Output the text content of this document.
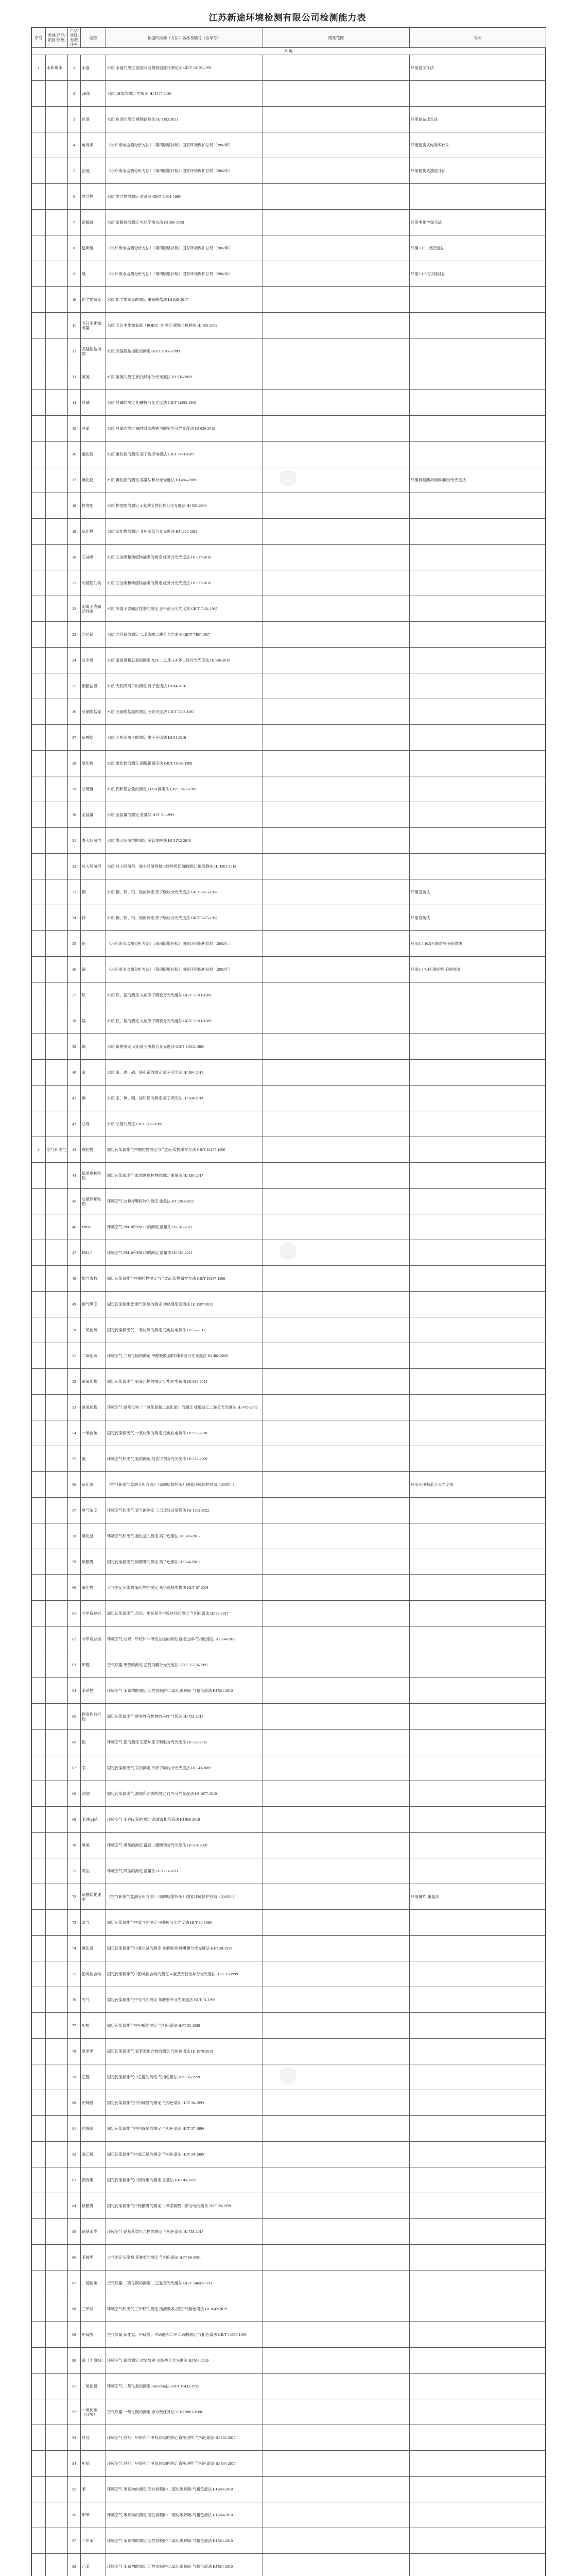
江苏新途环境检测有限公司检测能力表
●
●
●
序号	类别(产品/项目/参数)	产品/项目/参数 序号	名称	依据的标准（方法）名称及编号（含年号）	限制范围	说明
环境						
1	水和废水	1	水温	水质 水温的测定 温度计或颠倒温度计测定法 GB/T 13195-1991		只用温度计法
		2	pH值	水质 pH值的测定 电极法 HJ 1147-2020		
		3	色度	水质 色度的测定 稀释倍数法 HJ 1182-2021		只用铂钴比色法
		4	电导率	《水和废水监测分析方法》（第四版增补版）国家环境保护总局（2002年）		只用便携式电导率仪法
		5	浊度	《水和废水监测分析方法》（第四版增补版）国家环境保护总局（2002年）		只用便携式浊度计法
		6	悬浮物	水质 悬浮物的测定 重量法 GB/T 11901-1989		
		7	溶解氧	水质 溶解氧的测定 电化学探头法 HJ 506-2009		只用电化学探头法
		8	透明度	《水和废水监测分析方法》（第四版增补版）国家环境保护总局（2002年）		只用3.1.5.1塞氏盘法
		9	臭	《水和废水监测分析方法》（第四版增补版）国家环境保护总局（2002年）		只用3.1.3文字描述法
		10	化学需氧量	水质 化学需氧量的测定 重铬酸盐法 HJ 828-2017		
		11	五日生化需氧量	水质 五日生化需氧量（BOD5）的测定 稀释与接种法 HJ 505-2009		
		12	高锰酸盐指数	水质 高锰酸盐指数的测定 GB/T 11892-1989		
		13	氨氮	水质 氨氮的测定 纳氏试剂分光光度法 HJ 535-2009		
		14	总磷	水质 总磷的测定 钼酸铵分光光度法 GB/T 11893-1989		
		15	总氮	水质 总氮的测定 碱性过硫酸钾消解紫外分光光度法 HJ 636-2012		
		16	氟化物	水质 氟化物的测定 离子选择电极法 GB/T 7484-1987		
		17	氰化物	水质 氰化物的测定 容量法和分光光度法 HJ 484-2009		只用异烟酸-吡唑啉酮分光光度法
		18	挥发酚	水质 挥发酚的测定 4-氨基安替比林分光光度法 HJ 503-2009		
		19	硫化物	水质 硫化物的测定 亚甲基蓝分光光度法 HJ 1226-2021		
		20	石油类	水质 石油类和动植物油类的测定 红外分光光度法 HJ 637-2018		
		21	动植物油类	水质 石油类和动植物油类的测定 红外分光光度法 HJ 637-2018		
		22	阴离子表面活性剂	水质 阴离子表面活性剂的测定 亚甲蓝分光光度法 GB/T 7494-1987		
		23	六价铬	水质 六价铬的测定 二苯碳酰二肼分光光度法 GB/T 7467-1987		
		24	总余氯	水质 游离氯和总氯的测定 N,N-二乙基-1,4-苯二胺分光光度法 HJ 586-2010		
		25	硝酸盐氮	水质 无机阴离子的测定 离子色谱法 HJ 84-2016		
		26	亚硝酸盐氮	水质 亚硝酸盐氮的测定 分光光度法 GB/T 7493-1987		
		27	硫酸盐	水质 无机阴离子的测定 离子色谱法 HJ 84-2016		
		28	氯化物	水质 氯化物的测定 硝酸银滴定法 GB/T 11896-1989		
		29	总硬度	水质 钙和镁总量的测定 EDTA滴定法 GB/T 7477-1987		
		30	全盐量	水质 全盐量的测定 重量法 HJ/T 51-1999		
		31	粪大肠菌群	水质 粪大肠菌群的测定 多管发酵法 HJ 347.2-2018		
		32	总大肠菌群	水质 总大肠菌群、粪大肠菌群和大肠埃希氏菌的测定 酶底物法 HJ 1001-2018		
		33	铜	水质 铜、锌、铅、镉的测定 原子吸收分光光度法 GB/T 7475-1987		只用直接法
		34	锌	水质 铜、锌、铅、镉的测定 原子吸收分光光度法 GB/T 7475-1987		只用直接法
		35	铅	《水和废水监测分析方法》（第四版增补版）国家环境保护总局（2002年）		只用3.4.16.5石墨炉原子吸收法
		36	镉	《水和废水监测分析方法》（第四版增补版）国家环境保护总局（2002年）		只用3.4.7.4石墨炉原子吸收法
		37	铁	水质 铁、锰的测定 火焰原子吸收分光光度法 GB/T 11911-1989		
		38	锰	水质 铁、锰的测定 火焰原子吸收分光光度法 GB/T 11911-1989		
		39	镍	水质 镍的测定 火焰原子吸收分光光度法 GB/T 11912-1989		
		40	汞	水质 汞、砷、硒、铋和锑的测定 原子荧光法 HJ 694-2014		
		41	砷	水质 汞、砷、硒、铋和锑的测定 原子荧光法 HJ 694-2014		
		42	总铬	水质 总铬的测定 GB/T 7466-1987		
2	空气和废气	43	颗粒物	固定污染源排气中颗粒物测定与气态污染物采样方法 GB/T 16157-1996		
		44	低浓度颗粒物	固定污染源废气 低浓度颗粒物的测定 重量法 HJ 836-2017		
		45	总悬浮颗粒物	环境空气 总悬浮颗粒物的测定 重量法 HJ 1263-2022		
		46	PM10	环境空气 PM10和PM2.5的测定 重量法 HJ 618-2011		
		47	PM2.5	环境空气 PM10和PM2.5的测定 重量法 HJ 618-2011		
		48	烟气参数	固定污染源排气中颗粒物测定与气态污染物采样方法 GB/T 16157-1996		
		49	烟气黑度	固定污染源排放 烟气黑度的测定 林格曼望远镜法 HJ 1287-2023		
		50	二氧化硫	固定污染源废气 二氧化硫的测定 定电位电解法 HJ 57-2017		
		51	二氧化硫	环境空气 二氧化硫的测定 甲醛吸收-副玫瑰苯胺分光光度法 HJ 482-2009		
		52	氮氧化物	固定污染源废气 氮氧化物的测定 定电位电解法 HJ 693-2014		
		53	氮氧化物	环境空气 氮氧化物（一氧化氮和二氧化氮）的测定 盐酸萘乙二胺分光光度法 HJ 479-2009		
		54	一氧化碳	固定污染源废气 一氧化碳的测定 定电位电解法 HJ 973-2018		
		55	氨	环境空气和废气 氨的测定 纳氏试剂分光光度法 HJ 533-2009		
		56	硫化氢	《空气和废气监测分析方法》（第四版增补版）国家环境保护总局（2003年）		只用亚甲基蓝分光光度法
		57	臭气浓度	环境空气和废气 臭气的测定 三点比较式臭袋法 HJ 1262-2022		
		58	氯化氢	环境空气和废气 氯化氢的测定 离子色谱法 HJ 549-2016		
		59	硫酸雾	固定污染源废气 硫酸雾的测定 离子色谱法 HJ 544-2016		
		60	氟化物	大气固定污染源 氟化物的测定 离子选择电极法 HJ/T 67-2001		
		61	非甲烷总烃	固定污染源废气 总烃、甲烷和非甲烷总烃的测定 气相色谱法 HJ 38-2017		
		62	非甲烷总烃	环境空气 总烃、甲烷和非甲烷总烃的测定 直接进样-气相色谱法 HJ 604-2017		
		63	甲醛	空气质量 甲醛的测定 乙酰丙酮分光光度法 GB/T 15516-1995		
		64	苯系物	环境空气 苯系物的测定 活性炭吸附/二硫化碳解吸-气相色谱法 HJ 584-2010		
		65	挥发性有机物	固定污染源废气 挥发性有机物的采样 气袋法 HJ 732-2014		
		66	铅	环境空气 铅的测定 石墨炉原子吸收分光光度法 HJ 539-2015		
		67	汞	固定污染源废气 汞的测定 冷原子吸收分光光度法 HJ 543-2009		
		68	油烟	固定污染源废气 油烟和油雾的测定 红外分光光度法 HJ 1077-2019		
		69	苯并[a]芘	环境空气 苯并[a]芘的测定 高效液相色谱法 HJ 956-2018		
		70	臭氧	环境空气 臭氧的测定 靛蓝二磺酸钠分光光度法 HJ 504-2009		
		71	降尘	环境空气 降尘的测定 重量法 HJ 1221-2021		
		72	硫酸盐化速率	《空气和废气监测分析方法》（第四版增补版）国家环境保护总局（2003年）		只用碱片-重量法
		73	氯气	固定污染源排气中氯气的测定 甲基橙分光光度法 HJ/T 30-1999		
		74	氰化氢	固定污染源排气中氰化氢的测定 异烟酸-吡唑啉酮分光光度法 HJ/T 28-1999		
		75	酚类化合物	固定污染源排气中酚类化合物的测定 4-氨基安替比林分光光度法 HJ/T 32-1999		
		76	光气	固定污染源排气中光气的测定 苯胺紫外分光光度法 HJ/T 31-1999		
		77	甲醇	固定污染源排气中甲醇的测定 气相色谱法 HJ/T 33-1999		
		78	氯苯类	固定污染源废气 氯苯类化合物的测定 气相色谱法 HJ 1079-2019		
		79	乙醛	固定污染源排气中乙醛的测定 气相色谱法 HJ/T 35-1999		
		80	丙烯醛	固定污染源排气中丙烯醛的测定 气相色谱法 HJ/T 36-1999		
		81	丙烯腈	固定污染源排气中丙烯腈的测定 气相色谱法 HJ/T 37-1999		
		82	氯乙烯	固定污染源排气中氯乙烯的测定 气相色谱法 HJ/T 34-1999		
		83	沥青烟	固定污染源排气中沥青烟的测定 重量法 HJ/T 45-1999		
		84	铬酸雾	固定污染源排气中铬酸雾的测定 二苯基碳酰二肼分光光度法 HJ/T 29-1999		
		85	硝基苯类	环境空气 硝基苯类化合物的测定 气相色谱法 HJ 738-2015		
		86	苯胺类	大气固定污染源 苯胺类的测定 气相色谱法 HJ/T 68-2001		
		87	二硫化碳	空气质量 二硫化碳的测定 二乙胺分光光度法 GB/T 14680-1993		
		88	三甲胺	环境空气和废气 三甲胺的测定 溶液吸收-顶空/气相色谱法 HJ 1042-2019		
		89	甲硫醇	空气质量 硫化氢、甲硫醇、甲硫醚和二甲二硫的测定 气相色谱法 GB/T 14678-1993		
		90	氨（无组织）	环境空气 氨的测定 次氯酸钠-水杨酸分光光度法 HJ 534-2009		
		91	二氧化氮	环境空气 二氧化氮的测定 Saltzman法 GB/T 15435-1995		
		92	一氧化碳（环境）	空气质量 一氧化碳的测定 非分散红外法 GB/T 9801-1988		
		93	总烃	环境空气 总烃、甲烷和非甲烷总烃的测定 直接进样-气相色谱法 HJ 604-2017		
		94	甲烷	环境空气 总烃、甲烷和非甲烷总烃的测定 直接进样-气相色谱法 HJ 604-2017		
		95	苯	环境空气 苯系物的测定 活性炭吸附/二硫化碳解吸-气相色谱法 HJ 584-2010		
		96	甲苯	环境空气 苯系物的测定 活性炭吸附/二硫化碳解吸-气相色谱法 HJ 584-2010		
		97	二甲苯	环境空气 苯系物的测定 活性炭吸附/二硫化碳解吸-气相色谱法 HJ 584-2010		
		98	乙苯	环境空气 苯系物的测定 活性炭吸附/二硫化碳解吸-气相色谱法 HJ 584-2010		
